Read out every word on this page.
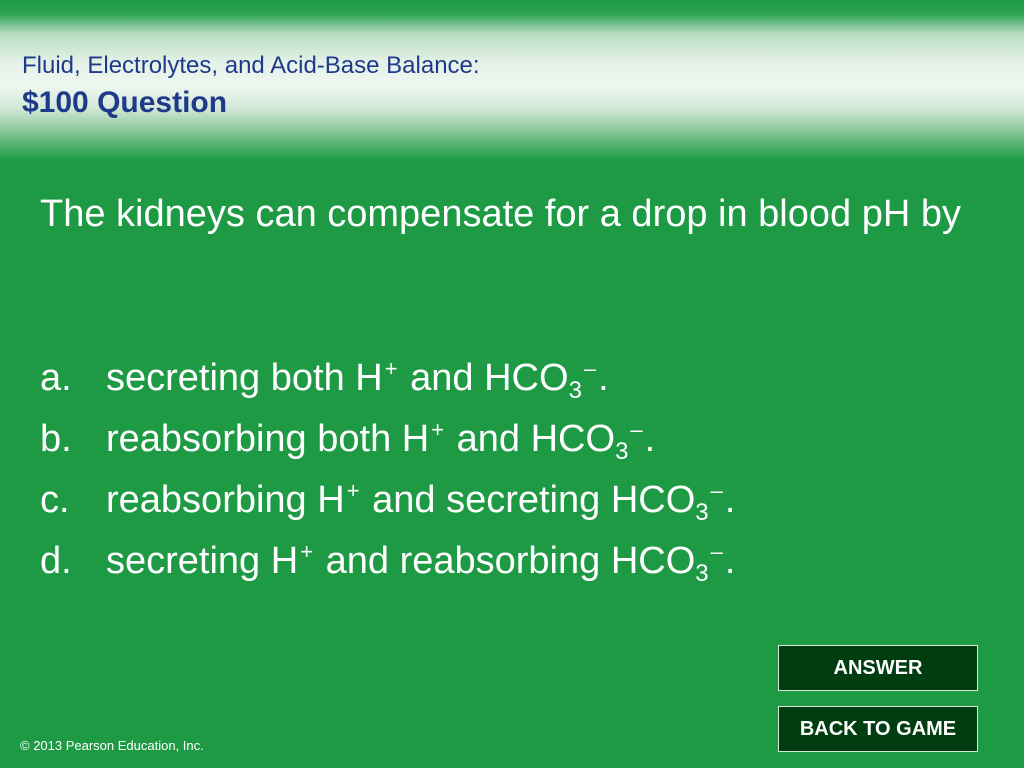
Fluid, Electrolytes, and Acid-Base Balance:
$100 Question
The kidneys can compensate for a drop in blood pH by
a. secreting both H+ and $HCO_3^-$.
b. reabsorbing both H+ and $HCO_3^-$.
c. reabsorbing H+ and secreting $HCO_3^-$.
d. secreting H+ and reabsorbing $HCO_3^-$.
ANSWER
BACK TO GAME
© 2013 Pearson Education, Inc.
